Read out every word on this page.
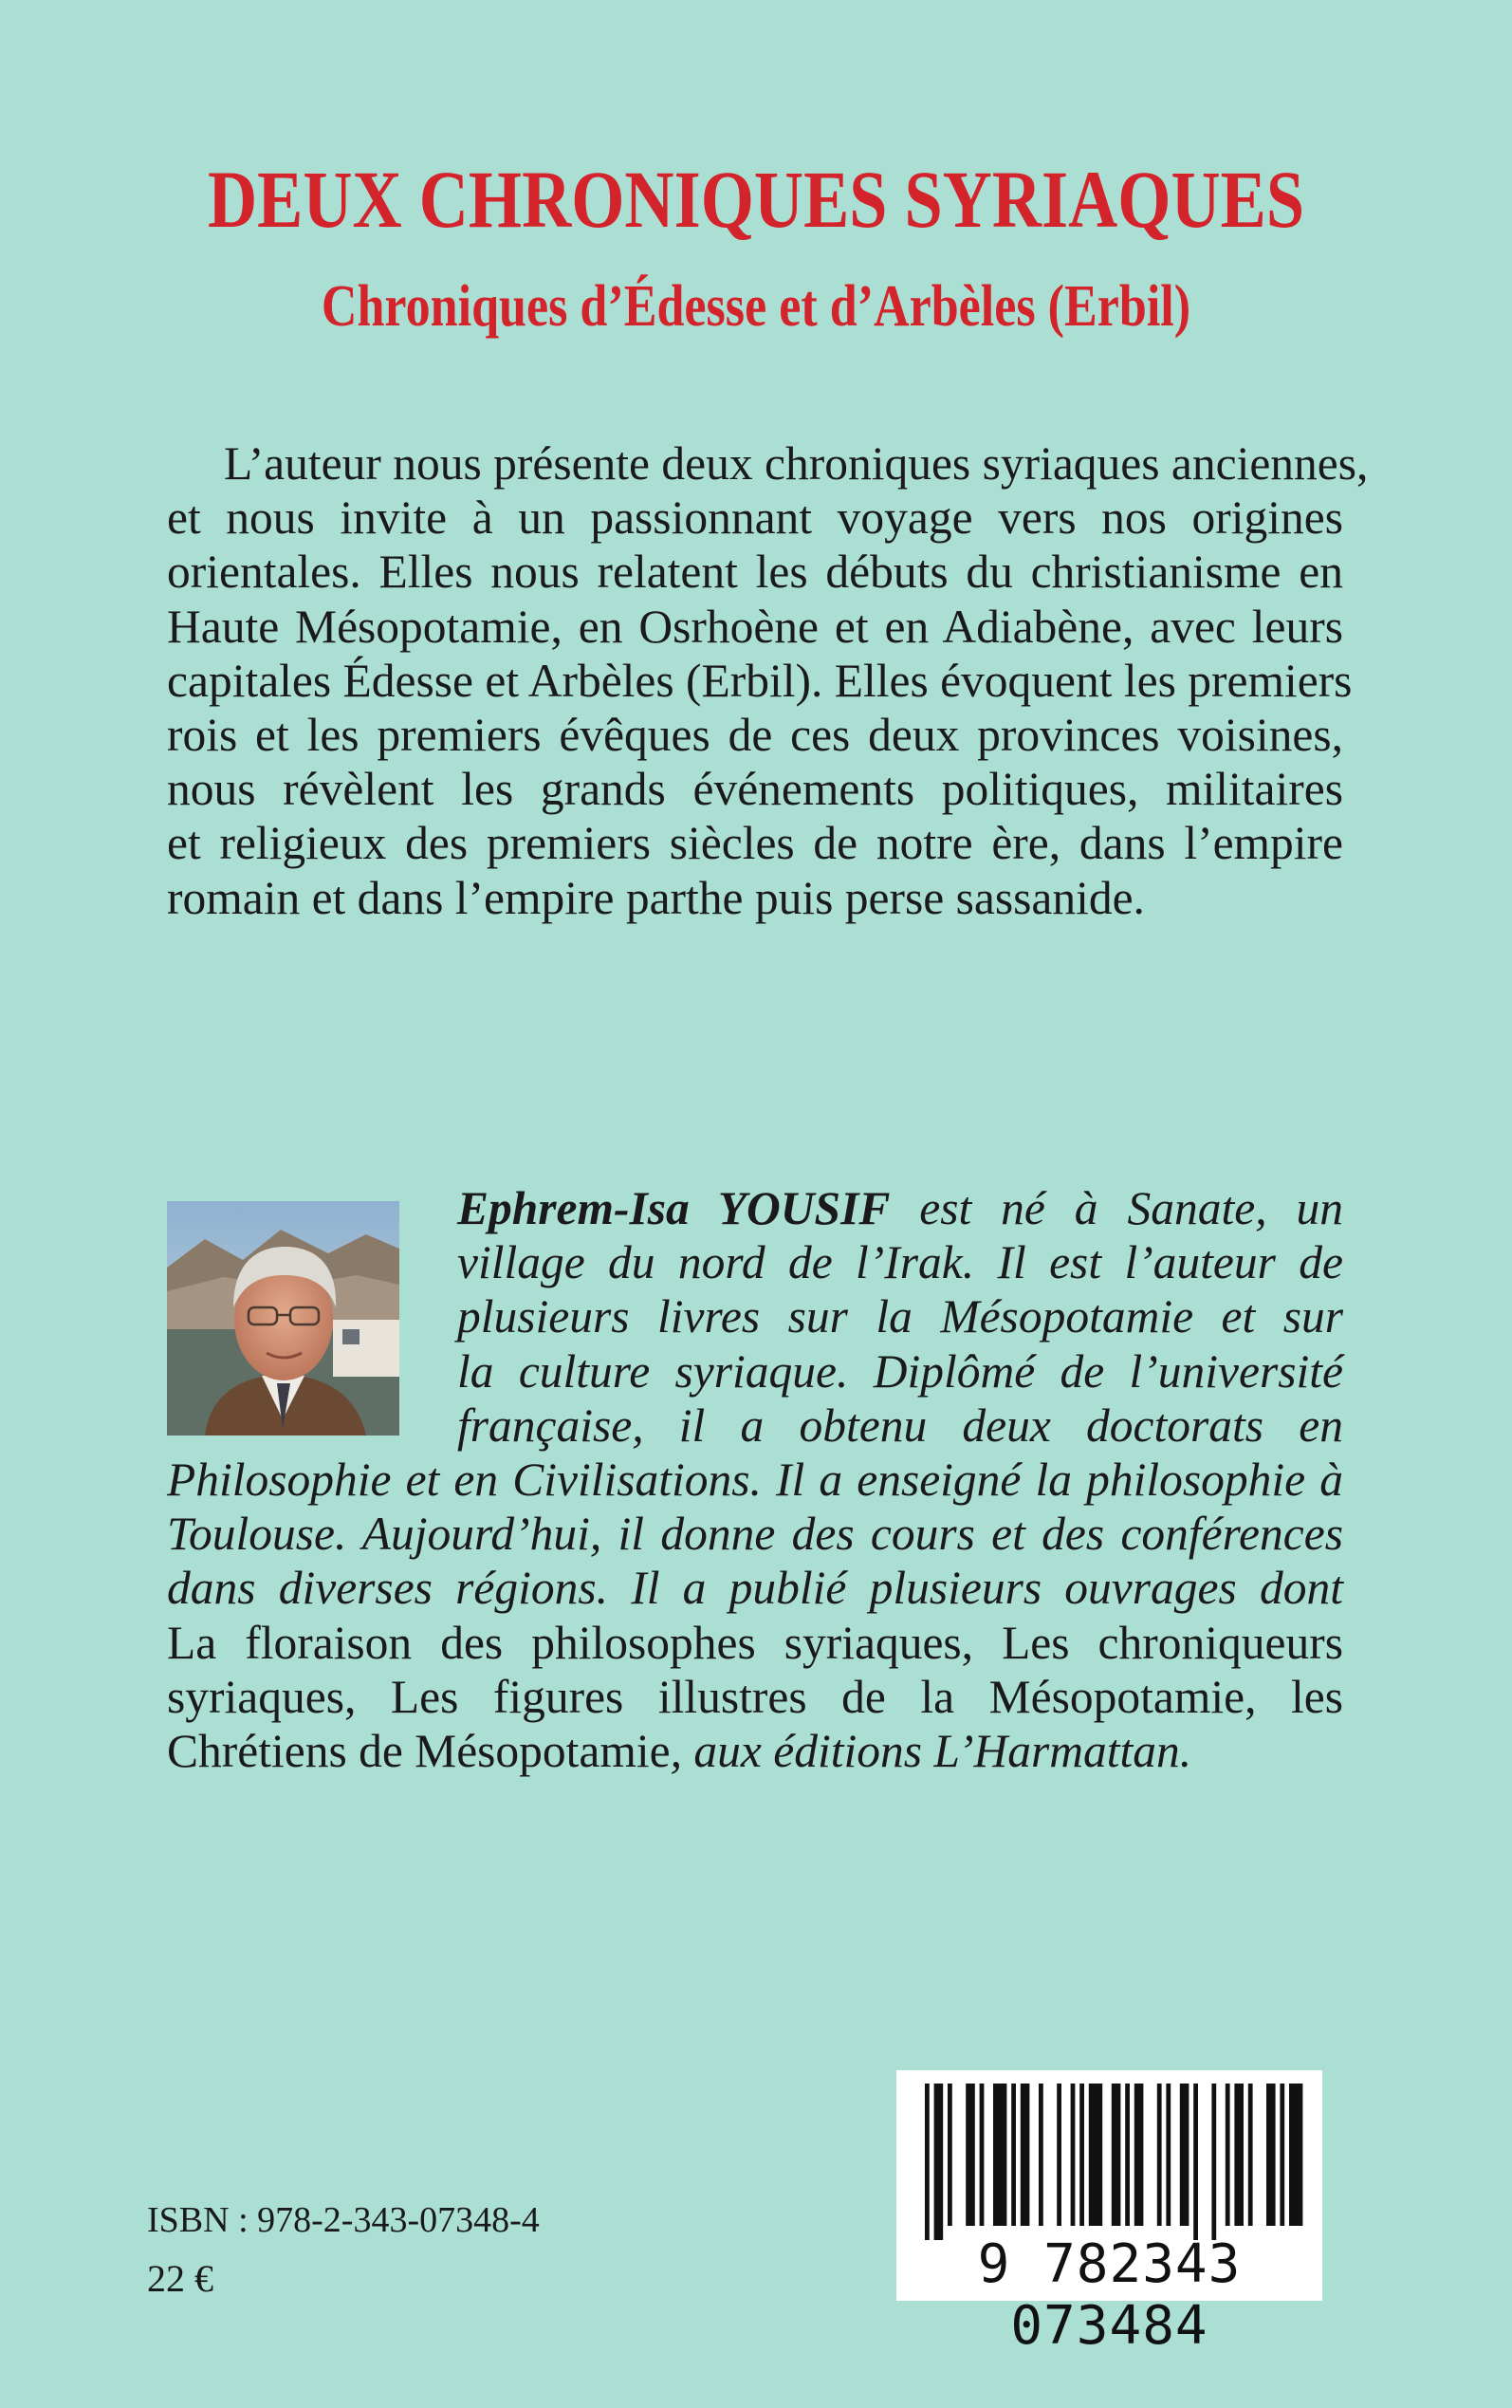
DEUX CHRONIQUES SYRIAQUES
Chroniques d’Édesse et d’Arbèles (Erbil)
L’auteur nous présente deux chroniques syriaques anciennes,
et nous invite à un passionnant voyage vers nos origines
orientales. Elles nous relatent les débuts du christianisme en
Haute Mésopotamie, en Osrhoène et en Adiabène, avec leurs
capitales Édesse et Arbèles (Erbil). Elles évoquent les premiers
rois et les premiers évêques de ces deux provinces voisines,
nous révèlent les grands événements politiques, militaires
et religieux des premiers siècles de notre ère, dans l’empire
romain et dans l’empire parthe puis perse sassanide.
Ephrem-Isa YOUSIF est né à Sanate, un
village du nord de l’Irak. Il est l’auteur de
plusieurs livres sur la Mésopotamie et sur
la culture syriaque. Diplômé de l’université
française, il a obtenu deux doctorats en
Philosophie et en Civilisations. Il a enseigné la philosophie à
Toulouse. Aujourd’hui, il donne des cours et des conférences
dans diverses régions. Il a publié plusieurs ouvrages dont
La floraison des philosophes syriaques, Les chroniqueurs
syriaques, Les figures illustres de la Mésopotamie, les
Chrétiens de Mésopotamie, aux éditions L’Harmattan.
ISBN : 978-2-343-07348-4
22 €	9 782343 073484
